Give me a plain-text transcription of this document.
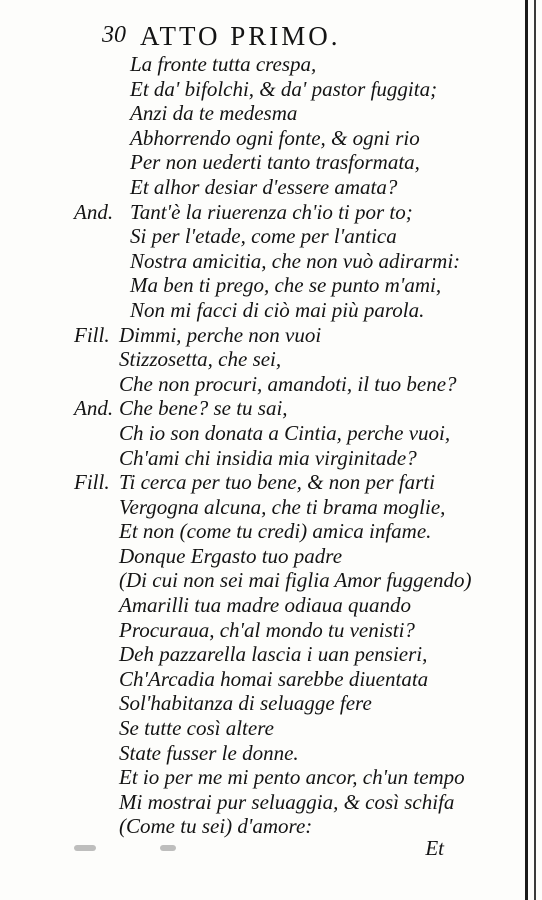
30 ATTO PRIMO.
La fronte tutta crespa,
Et da' bifolchi, & da' pastor fuggita;
Anzi da te medesma
Abhorrendo ogni fonte, & ogni rio
Per non uederti tanto trasformata,
Et alhor desiar d'essere amata?
And. Tant'è la riuerenza ch'io ti por to;
Si per l'etade, come per l'antica
Nostra amicitia, che non vuò adirarmi:
Ma ben ti prego, che se punto m'ami,
Non mi facci di ciò mai più parola.
Fill. Dimmi, perche non vuoi
Stizzosetta, che sei,
Che non procuri, amandoti, il tuo bene?
And. Che bene? se tu sai,
Ch io son donata a Cintia, perche vuoi,
Ch'ami chi insidia mia virginitade?
Fill. Ti cerca per tuo bene, & non per farti
Vergogna alcuna, che ti brama moglie,
Et non (come tu credi) amica infame.
Donque Ergasto tuo padre
(Di cui non sei mai figlia Amor fuggendo)
Amarilli tua madre odiaua quando
Procuraua, ch'al mondo tu venisti?
Deh pazzarella lascia i uan pensieri,
Ch'Arcadia homai sarebbe diuentata
Sol'habitanza di seluagge fere
Se tutte così altere
State fusser le donne.
Et io per me mi pento ancor, ch'un tempo
Mi mostrai pur seluaggia, & così schifa
(Come tu sei) d'amore:
Et
